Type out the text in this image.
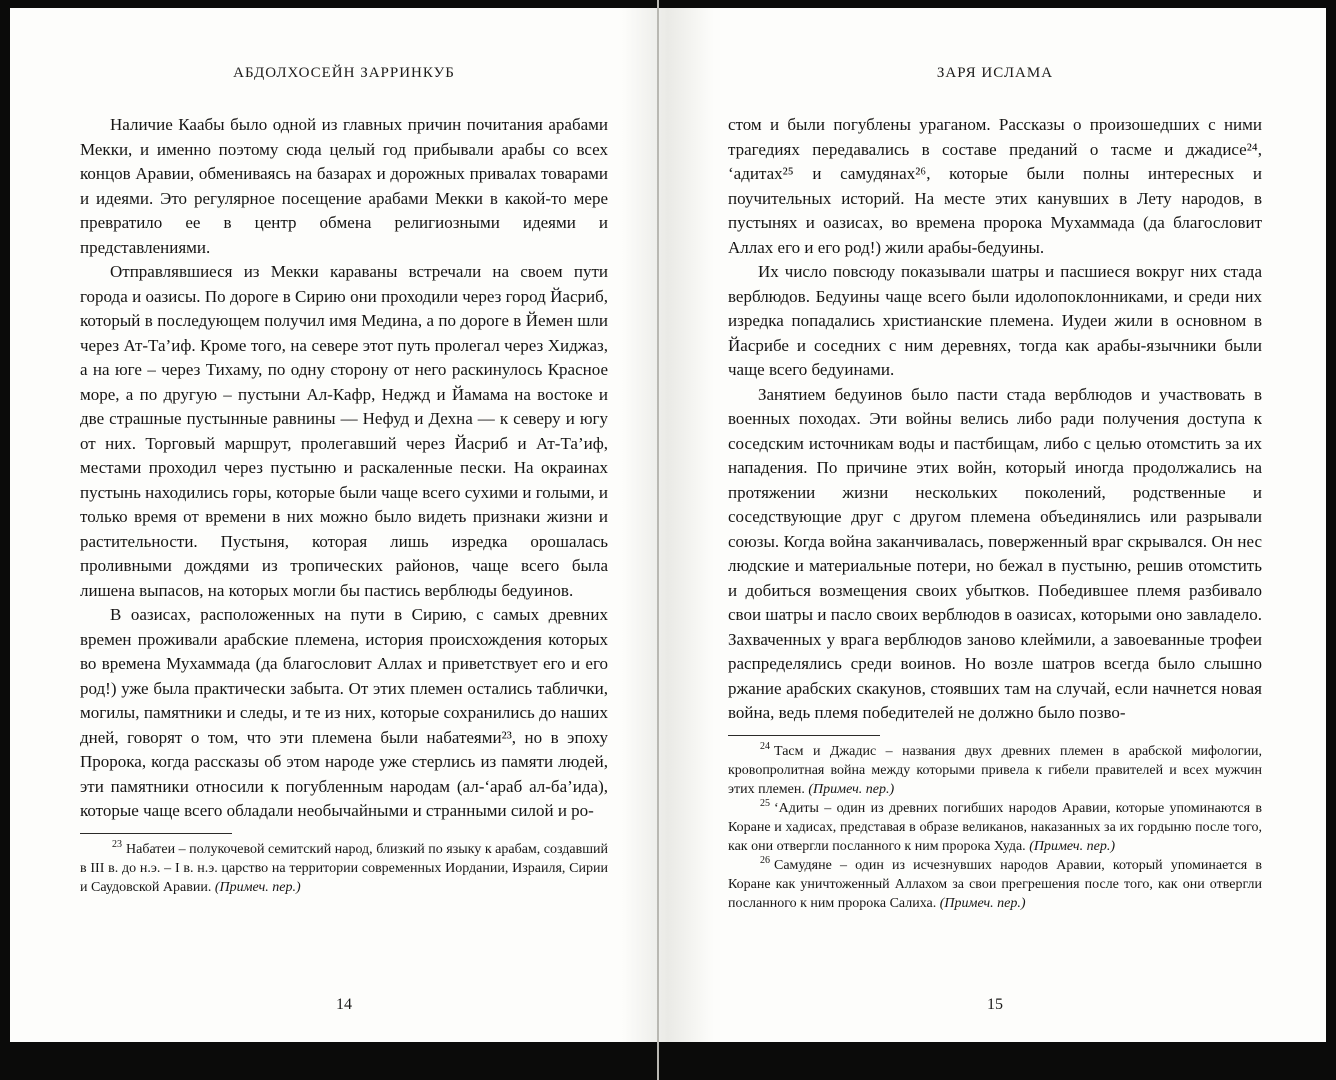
АБДОЛХОСЕЙН ЗАРРИНКУБ

Наличие Каабы было одной из главных причин почитания арабами Мекки, и именно поэтому сюда целый год прибывали арабы со всех концов Аравии, обмениваясь на базарах и дорожных привалах товарами и идеями. Это регулярное посещение арабами Мекки в какой-то мере превратило ее в центр обмена религиозными идеями и представлениями.

Отправлявшиеся из Мекки караваны встречали на своем пути города и оазисы. По дороге в Сирию они проходили через город Йасриб, который в последующем получил имя Медина, а по дороге в Йемен шли через Ат-Та’иф. Кроме того, на севере этот путь пролегал через Хиджаз, а на юге – через Тихаму, по одну сторону от него раскинулось Красное море, а по другую – пустыни Ал-Кафр, Неджд и Йамама на востоке и две страшные пустынные равнины — Нефуд и Дехна — к северу и югу от них. Торговый маршрут, пролегавший через Йасриб и Ат-Та’иф, местами проходил через пустыню и раскаленные пески. На окраинах пустынь находились горы, которые были чаще всего сухими и голыми, и только время от времени в них можно было видеть признаки жизни и растительности. Пустыня, которая лишь изредка орошалась проливными дождями из тропических районов, чаще всего была лишена выпасов, на которых могли бы пастись верблюды бедуинов.

В оазисах, расположенных на пути в Сирию, с самых древних времен проживали арабские племена, история происхождения которых во времена Мухаммада (да благословит Аллах и приветствует его и его род!) уже была практически забыта. От этих племен остались таблички, могилы, памятники и следы, и те из них, которые сохранились до наших дней, говорят о том, что эти племена были набатеями²³, но в эпоху Пророка, когда рассказы об этом народе уже стерлись из памяти людей, эти памятники относили к погубленным народам (ал-‘араб ал-ба’ида), которые чаще всего обладали необычайными и странными силой и ро-

$^{23}$ Набатеи – полукочевой семитский народ, близкий по языку к арабам, создавший в III в. до н.э. – I в. н.э. царство на территории современных Иордании, Израиля, Сирии и Саудовской Аравии. (Примеч. пер.)

14
ЗАРЯ ИСЛАМА

стом и были погублены ураганом. Рассказы о произошедших с ними трагедиях передавались в составе преданий о тасме и джадисе²⁴, ‘адитах²⁵ и самудянах²⁶, которые были полны интересных и поучительных историй. На месте этих канувших в Лету народов, в пустынях и оазисах, во времена пророка Мухаммада (да благословит Аллах его и его род!) жили арабы-бедуины.

Их число повсюду показывали шатры и пасшиеся вокруг них стада верблюдов. Бедуины чаще всего были идолопоклонниками, и среди них изредка попадались христианские племена. Иудеи жили в основном в Йасрибе и соседних с ним деревнях, тогда как арабы-язычники были чаще всего бедуинами.

Занятием бедуинов было пасти стада верблюдов и участвовать в военных походах. Эти войны велись либо ради получения доступа к соседским источникам воды и пастбищам, либо с целью отомстить за их нападения. По причине этих войн, который иногда продолжались на протяжении жизни нескольких поколений, родственные и соседствующие друг с другом племена объединялись или разрывали союзы. Когда война заканчивалась, поверженный враг скрывался. Он нес людские и материальные потери, но бежал в пустыню, решив отомстить и добиться возмещения своих убытков. Победившее племя разбивало свои шатры и пасло своих верблюдов в оазисах, которыми оно завладело. Захваченных у врага верблюдов заново клеймили, а завоеванные трофеи распределялись среди воинов. Но возле шатров всегда было слышно ржание арабских скакунов, стоявших там на случай, если начнется новая война, ведь племя победителей не должно было позво-

$^{24}$ Тасм и Джадис – названия двух древних племен в арабской мифологии, кровопролитная война между которыми привела к гибели правителей и всех мужчин этих племен. (Примеч. пер.)

$^{25}$ ‘Адиты – один из древних погибших народов Аравии, которые упоминаются в Коране и хадисах, представая в образе великанов, наказанных за их гордыню после того, как они отвергли посланного к ним пророка Худа. (Примеч. пер.)

$^{26}$ Самудяне – один из исчезнувших народов Аравии, который упоминается в Коране как уничтоженный Аллахом за свои прегрешения после того, как они отвергли посланного к ним пророка Салиха. (Примеч. пер.)

15
